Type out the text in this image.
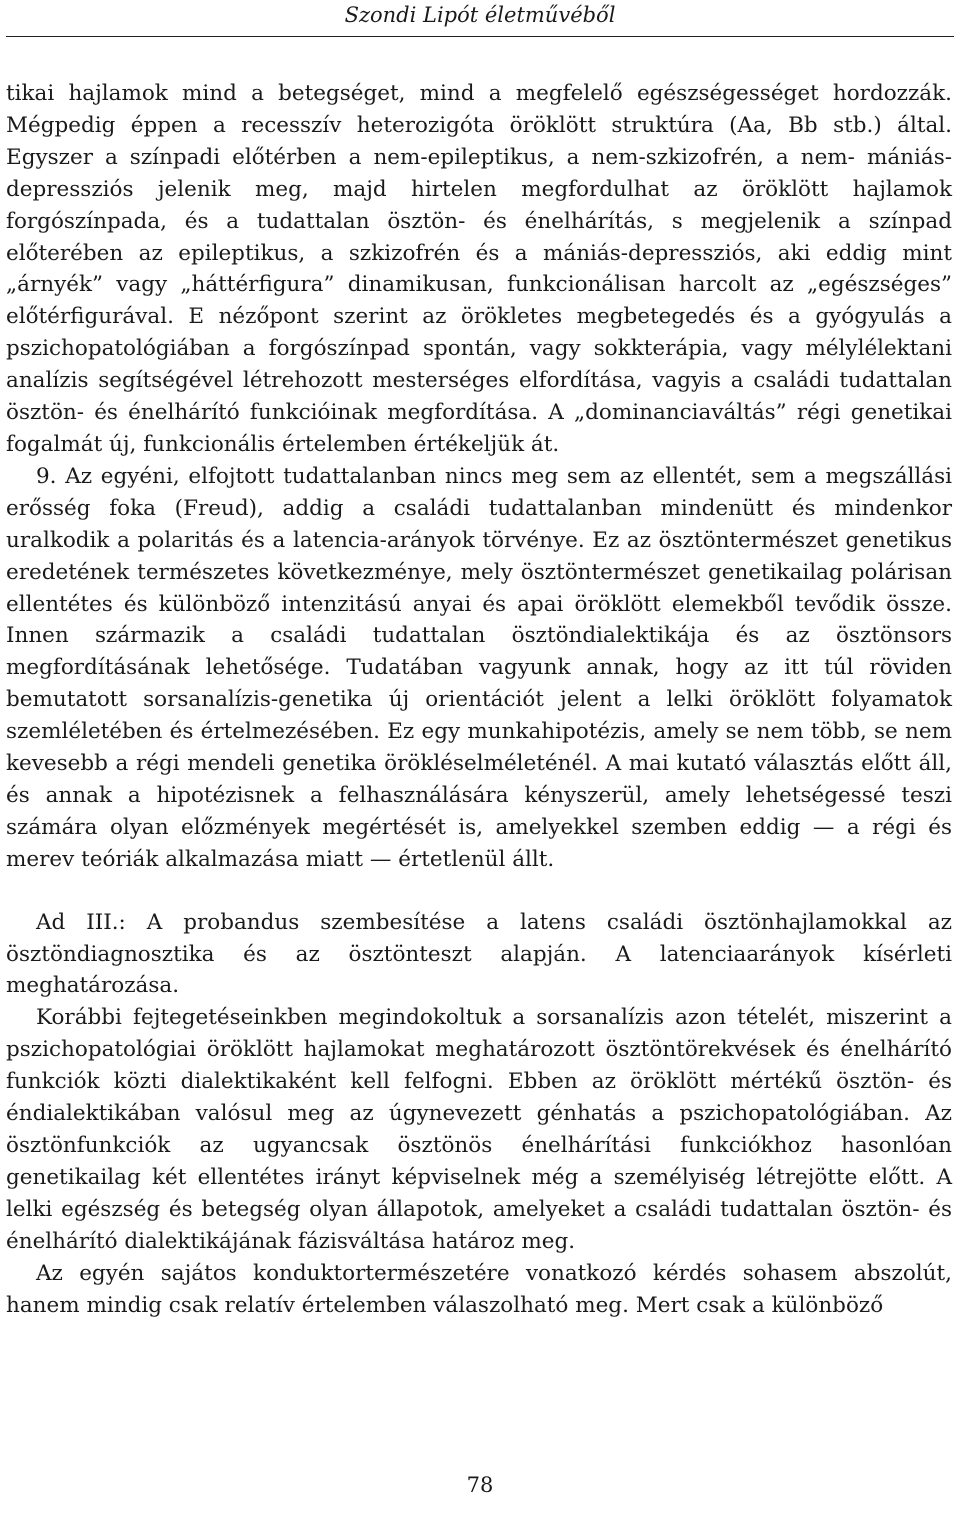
Szondi Lipót életművéből

tikai hajlamok mind a betegséget, mind a megfelelő egészségességet hordozzák. Mégpedig éppen a recesszív heterozigóta öröklött struktúra (Aa, Bb stb.) által. Egyszer a színpadi előtérben a nem-epileptikus, a nem-szkizofrén, a nem- mániás-depressziós jelenik meg, majd hirtelen megfordulhat az öröklött hajlamok forgószínpada, és a tudattalan ösztön- és énelhárítás, s megjelenik a színpad előterében az epileptikus, a szkizofrén és a mániás-depressziós, aki eddig mint „árnyék” vagy „háttérfigura” dinamikusan, funkcionálisan harcolt az „egészséges” előtérfigurával. E nézőpont szerint az örökletes megbetegedés és a gyógyulás a pszichopatológiában a forgószínpad spontán, vagy sokkterápia, vagy mélylélektani analízis segítségével létrehozott mesterséges elfordítása, vagyis a családi tudattalan ösztön- és énelhárító funkcióinak megfordítása. A „dominanciaváltás” régi genetikai fogalmát új, funkcionális értelemben értékeljük át.

9. Az egyéni, elfojtott tudattalanban nincs meg sem az ellentét, sem a megszállási erősség foka (Freud), addig a családi tudattalanban mindenütt és mindenkor uralkodik a polaritás és a latencia-arányok törvénye. Ez az ösztöntermészet genetikus eredetének természetes következménye, mely ösztöntermészet genetikailag polárisan ellentétes és különböző intenzitású anyai és apai öröklött elemekből tevődik össze. Innen származik a családi tudattalan ösztöndialektikája és az ösztönsors megfordításának lehetősége. Tudatában vagyunk annak, hogy az itt túl röviden bemutatott sorsanalízis-genetika új orientációt jelent a lelki öröklött folyamatok szemléletében és értelmezésében. Ez egy munkahipotézis, amely se nem több, se nem kevesebb a régi mendeli genetika örökléselméleténél. A mai kutató választás előtt áll, és annak a hipotézisnek a felhasználására kényszerül, amely lehetségessé teszi számára olyan előzmények megértését is, amelyekkel szemben eddig — a régi és merev teóriák alkalmazása miatt — értetlenül állt.

Ad III.: A probandus szembesítése a latens családi ösztönhajlamokkal az ösztöndiagnosztika és az ösztönteszt alapján. A latenciaarányok kísérleti meghatározása.

Korábbi fejtegetéseinkben megindokoltuk a sorsanalízis azon tételét, miszerint a pszichopatológiai öröklött hajlamokat meghatározott ösztöntörekvések és énelhárító funkciók közti dialektikaként kell felfogni. Ebben az öröklött mértékű ösztön- és éndialektikában valósul meg az úgynevezett génhatás a pszichopatológiában. Az ösztönfunkciók az ugyancsak ösztönös énelhárítási funkciókhoz hasonlóan genetikailag két ellentétes irányt képviselnek még a személyiség létrejötte előtt. A lelki egészség és betegség olyan állapotok, amelyeket a családi tudattalan ösztön- és énelhárító dialektikájának fázisváltása határoz meg.

Az egyén sajátos konduktortermészetére vonatkozó kérdés sohasem abszolút, hanem mindig csak relatív értelemben válaszolható meg. Mert csak a különböző

78
